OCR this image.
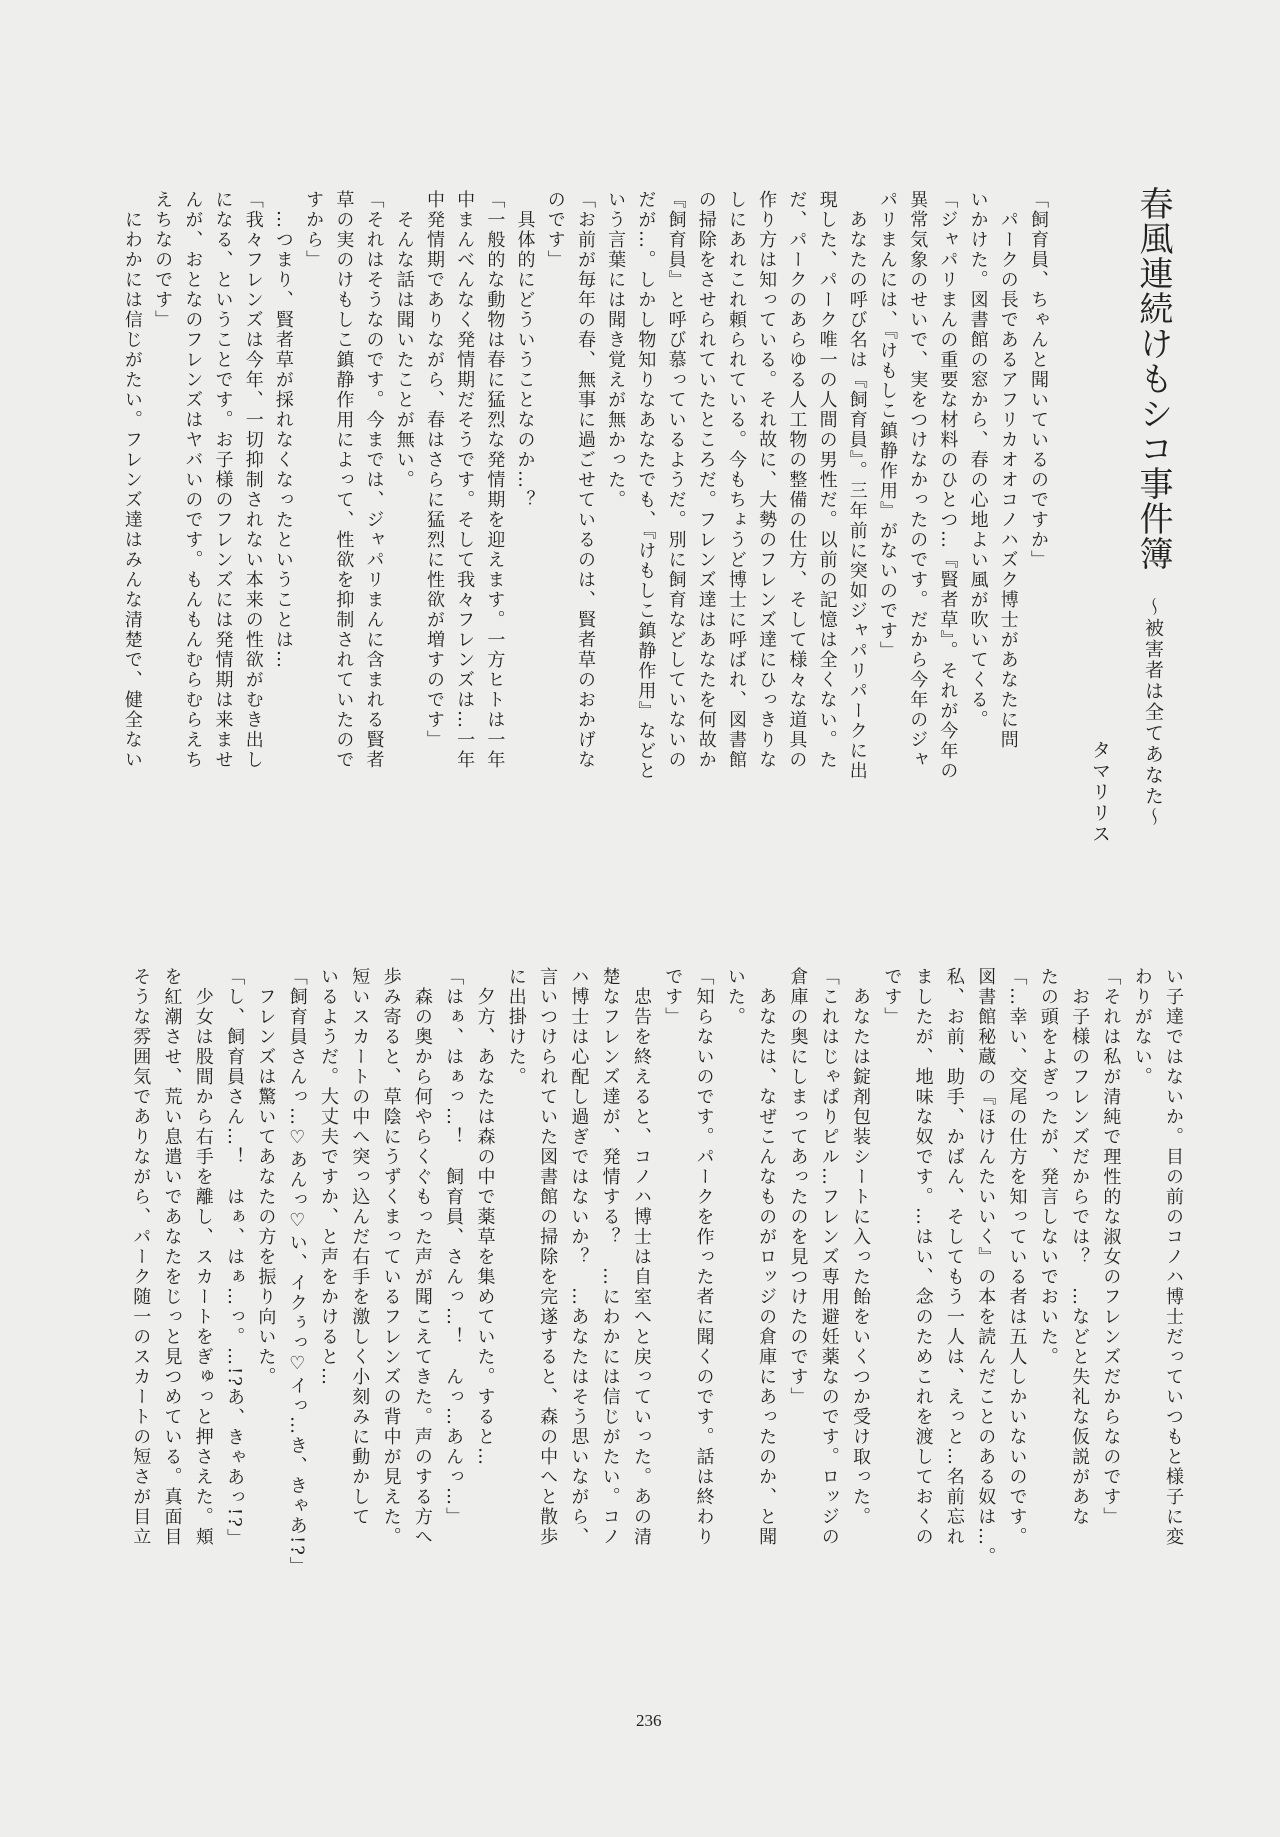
春風連続けもシコ事件簿
～被害者は全てあなた～
タマリリス
「飼育員、ちゃんと聞いているのですか」
　パークの長であるアフリカオオコノハズク博士があなたに問
いかけた。図書館の窓から、春の心地よい風が吹いてくる。
「ジャパリまんの重要な材料のひとつ…『賢者草』。それが今年の
異常気象のせいで、実をつけなかったのです。だから今年のジャ
パリまんには、『けもしこ鎮静作用』がないのです」
　あなたの呼び名は『飼育員』。三年前に突如ジャパリパークに出
現した、パーク唯一の人間の男性だ。以前の記憶は全くない。た
だ、パークのあらゆる人工物の整備の仕方、そして様々な道具の
作り方は知っている。それ故に、大勢のフレンズ達にひっきりな
しにあれこれ頼られている。今もちょうど博士に呼ばれ、図書館
の掃除をさせられていたところだ。フレンズ達はあなたを何故か
『飼育員』と呼び慕っているようだ。別に飼育などしていないの
だが…。しかし物知りなあなたでも、『けもしこ鎮静作用』などと
いう言葉には聞き覚えが無かった。
「お前が毎年の春、無事に過ごせているのは、賢者草のおかげな
のです」
　具体的にどういうことなのか…？
「一般的な動物は春に猛烈な発情期を迎えます。一方ヒトは一年
中まんべんなく発情期だそうです。そして我々フレンズは…一年
中発情期でありながら、春はさらに猛烈に性欲が増すのです」
　そんな話は聞いたことが無い。
「それはそうなのです。今までは、ジャパリまんに含まれる賢者
草の実のけもしこ鎮静作用によって、性欲を抑制されていたので
すから」
　…つまり、賢者草が採れなくなったということは…
「我々フレンズは今年、一切抑制されない本来の性欲がむき出し
になる、ということです。お子様のフレンズには発情期は来ませ
んが、おとなのフレンズはヤバいのです。もんもんむらむらえち
えちなのです」
　にわかには信じがたい。フレンズ達はみんな清楚で、健全ない
い子達ではないか。目の前のコノハ博士だっていつもと様子に変
わりがない。
「それは私が清純で理性的な淑女のフレンズだからなのです」
　お子様のフレンズだからでは？　…などと失礼な仮説があな
たの頭をよぎったが、発言しないでおいた。
「…幸い、交尾の仕方を知っている者は五人しかいないのです。
図書館秘蔵の『ほけんたいいく』の本を読んだことのある奴は…。
私、お前、助手、かばん、そしてもう一人は、えっと…名前忘れ
ましたが、地味な奴です。…はい、念のためこれを渡しておくの
です」
　あなたは錠剤包装シートに入った飴をいくつか受け取った。
「これはじゃぱりピル…フレンズ専用避妊薬なのです。ロッジの
倉庫の奥にしまってあったのを見つけたのです」
　あなたは、なぜこんなものがロッジの倉庫にあったのか、と聞
いた。
「知らないのです。パークを作った者に聞くのです。話は終わり
です」
　忠告を終えると、コノハ博士は自室へと戻っていった。あの清
楚なフレンズ達が、発情する？　…にわかには信じがたい。コノ
ハ博士は心配し過ぎではないか？　…あなたはそう思いながら、
言いつけられていた図書館の掃除を完遂すると、森の中へと散歩
に出掛けた。
　夕方、あなたは森の中で薬草を集めていた。すると…
「はぁ、はぁっ…！　飼育員、さんっ…！　んっ…あんっ…」
　森の奥から何やらくぐもった声が聞こえてきた。声のする方へ
歩み寄ると、草陰にうずくまっているフレンズの背中が見えた。
短いスカートの中へ突っ込んだ右手を激しく小刻みに動かして
いるようだ。大丈夫ですか、と声をかけると…
「飼育員さんっ…♡あんっ♡い、イクぅっ♡イっ…き、きゃあ!?」
　フレンズは驚いてあなたの方を振り向いた。
「し、飼育員さん…！　はぁ、はぁ…っ。…!?あ、きゃあっ!?」
　少女は股間から右手を離し、スカートをぎゅっと押さえた。頬
を紅潮させ、荒い息遣いであなたをじっと見つめている。真面目
そうな雰囲気でありながら、パーク随一のスカートの短さが目立
236
